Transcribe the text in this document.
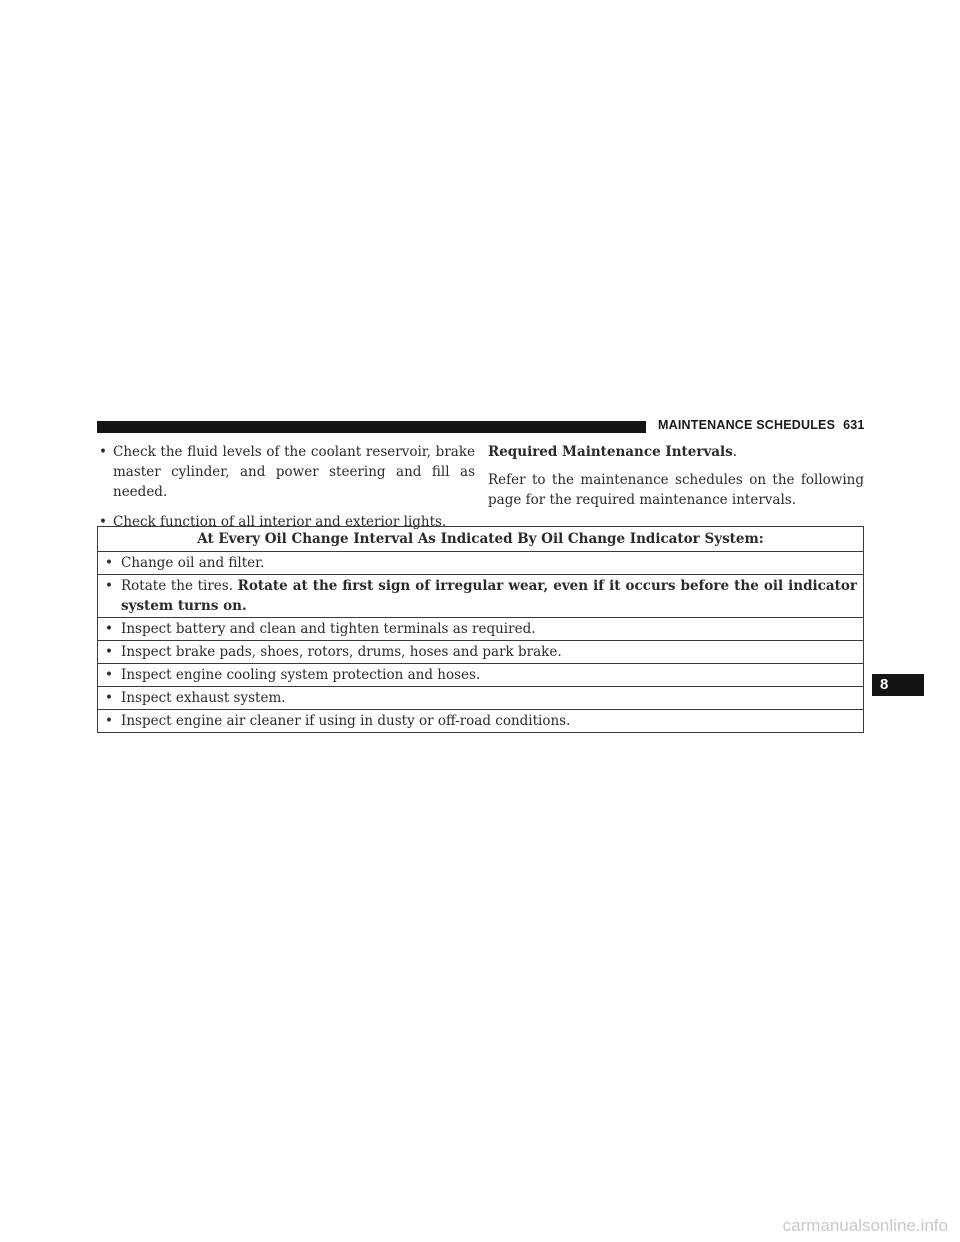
MAINTENANCE SCHEDULES 631
• Check the fluid levels of the coolant reservoir, brake master cylinder, and power steering and fill as needed.
• Check function of all interior and exterior lights.

Required Maintenance Intervals.

Refer to the maintenance schedules on the following page for the required maintenance intervals.

At Every Oil Change Interval As Indicated By Oil Change Indicator System:

• Change oil and filter.

• Rotate the tires. Rotate at the first sign of irregular wear, even if it occurs before the oil indicator system turns on.

• Inspect battery and clean and tighten terminals as required.

• Inspect brake pads, shoes, rotors, drums, hoses and park brake.

• Inspect engine cooling system protection and hoses.

• Inspect exhaust system.

• Inspect engine air cleaner if using in dusty or off-road conditions.
8
carmanualsonline.info
